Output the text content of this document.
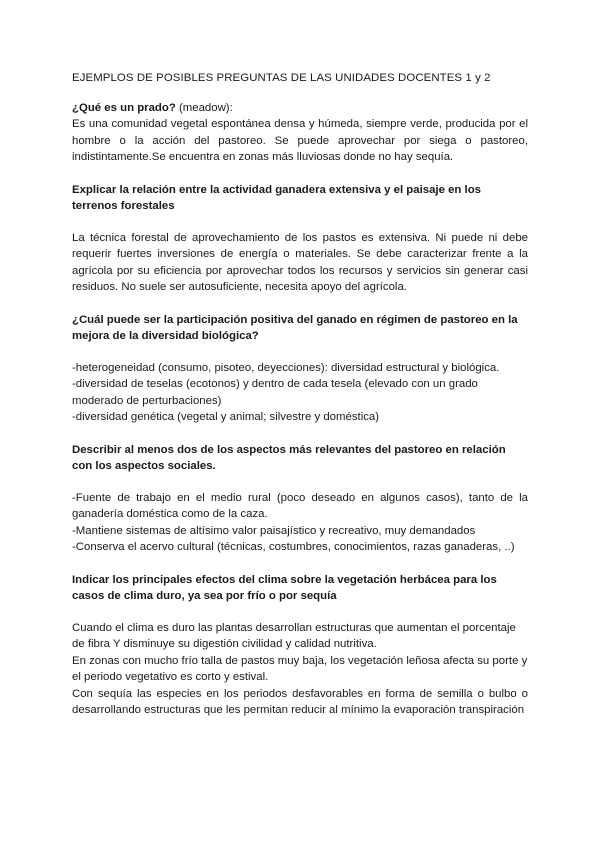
EJEMPLOS DE POSIBLES PREGUNTAS DE LAS UNIDADES DOCENTES 1 y 2

¿Qué es un prado? (meadow):

Es una comunidad vegetal espontánea densa y húmeda, siempre verde, producida por el hombre o la acción del pastoreo. Se puede aprovechar por siega o pastoreo, indistintamente.Se encuentra en zonas más lluviosas donde no hay sequía.

Explicar la relación entre la actividad ganadera extensiva y el paisaje en los terrenos forestales

La técnica forestal de aprovechamiento de los pastos es extensiva. Ni puede ni debe requerir fuertes inversiones de energía o materiales. Se debe caracterizar frente a la agrícola por su eficiencia por aprovechar todos los recursos y servicios sin generar casi residuos. No suele ser autosuficiente, necesita apoyo del agrícola.

¿Cuál puede ser la participación positiva del ganado en régimen de pastoreo en la mejora de la diversidad biológica?

-heterogeneidad (consumo, pisoteo, deyecciones): diversidad estructural y biológica.

-diversidad de teselas (ecotonos) y dentro de cada tesela (elevado con un grado moderado de perturbaciones)

-diversidad genética (vegetal y animal; silvestre y doméstica)

Describir al menos dos de los aspectos más relevantes del pastoreo en relación con los aspectos sociales.

-Fuente de trabajo en el medio rural (poco deseado en algunos casos), tanto de la ganadería doméstica como de la caza.

-Mantiene sistemas de altísimo valor paisajístico y recreativo, muy demandados

-Conserva el acervo cultural (técnicas, costumbres, conocimientos, razas ganaderas, ..)

Indicar los principales efectos del clima sobre la vegetación herbácea para los casos de clima duro, ya sea por frío o por sequía

Cuando el clima es duro las plantas desarrollan estructuras que aumentan el porcentaje de fibra Y disminuye su digestión civilidad y calidad nutritiva.

En zonas con mucho frío talla de pastos muy baja, los vegetación leñosa afecta su porte y el periodo vegetativo es corto y estival.

Con sequía las especies en los periodos desfavorables en forma de semilla o bulbo o desarrollando estructuras que les permitan reducir al mínimo la evaporación transpiración
